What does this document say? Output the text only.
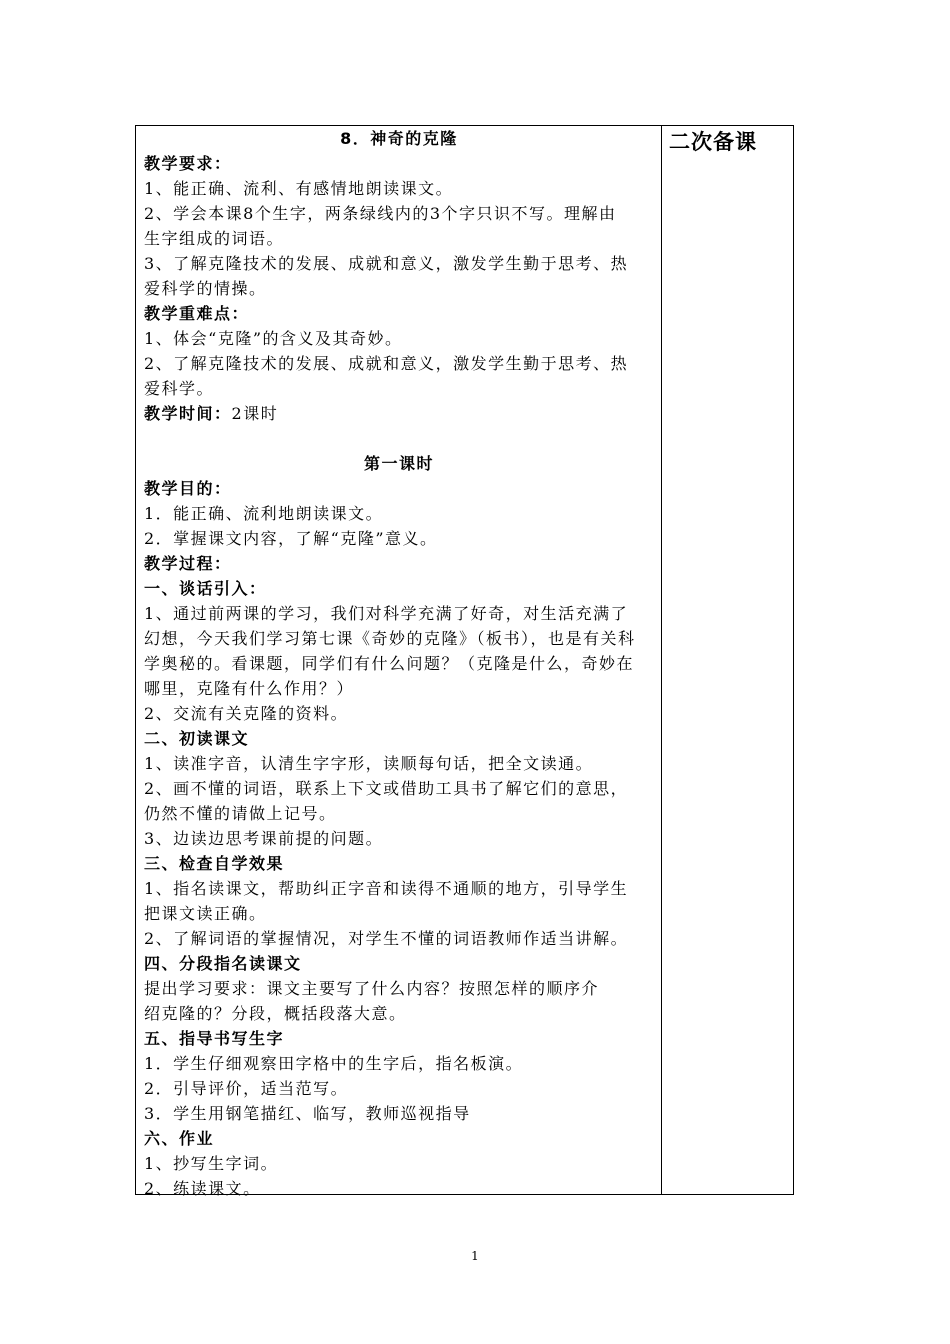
8．神奇的克隆
教学要求：
1、能正确、流利、有感情地朗读课文。
2、学会本课8个生字，两条绿线内的3个字只识不写。理解由
生字组成的词语。
3、了解克隆技术的发展、成就和意义，激发学生勤于思考、热
爱科学的情操。
教学重难点：
1、体会“克隆”的含义及其奇妙。
2、了解克隆技术的发展、成就和意义，激发学生勤于思考、热
爱科学。
教学时间：2课时
第一课时
教学目的：
1．能正确、流利地朗读课文。
2．掌握课文内容，了解“克隆”意义。
教学过程：
一、谈话引入：
1、通过前两课的学习，我们对科学充满了好奇，对生活充满了
幻想，今天我们学习第七课《奇妙的克隆》（板书），也是有关科
学奥秘的。看课题，同学们有什么问题？（克隆是什么，奇妙在
哪里，克隆有什么作用？）
2、交流有关克隆的资料。
二、初读课文
1、读准字音，认清生字字形，读顺每句话，把全文读通。
2、画不懂的词语，联系上下文或借助工具书了解它们的意思，
仍然不懂的请做上记号。
3、边读边思考课前提的问题。
三、检查自学效果
1、指名读课文，帮助纠正字音和读得不通顺的地方，引导学生
把课文读正确。
2、了解词语的掌握情况，对学生不懂的词语教师作适当讲解。
四、分段指名读课文
提出学习要求：课文主要写了什么内容？按照怎样的顺序介
绍克隆的？分段，概括段落大意。
五、指导书写生字
1．学生仔细观察田字格中的生字后，指名板演。
2．引导评价，适当范写。
3．学生用钢笔描红、临写，教师巡视指导
六、作业
1、抄写生字词。
2、练读课文。
二次备课
1
